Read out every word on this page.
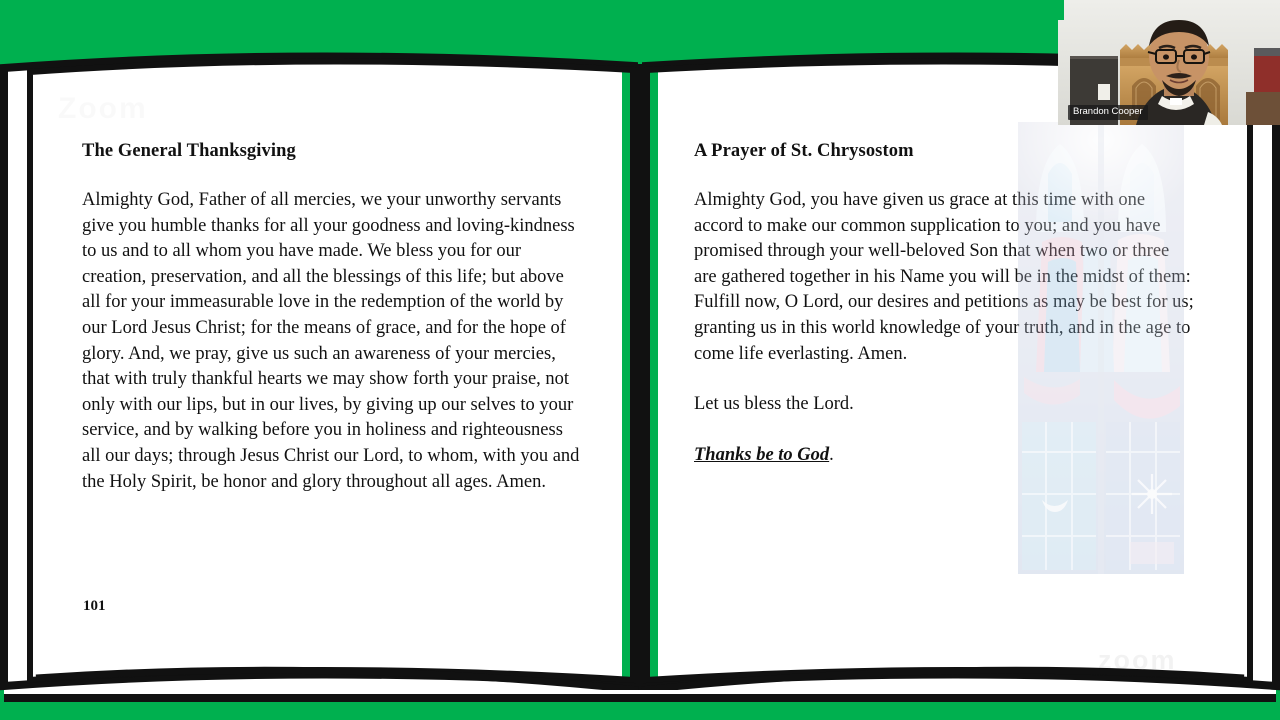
The General Thanksgiving

Almighty God, Father of all mercies, we your unworthy servants give you humble thanks for all your goodness and loving-kindness to us and to all whom you have made. We bless you for our creation, preservation, and all the blessings of this life; but above all for your immeasurable love in the redemption of the world by our Lord Jesus Christ; for the means of grace, and for the hope of glory. And, we pray, give us such an awareness of your mercies, that with truly thankful hearts we may show forth your praise, not only with our lips, but in our lives, by giving up our selves to your service, and by walking before you in holiness and righteousness all our days; through Jesus Christ our Lord, to whom, with you and the Holy Spirit, be honor and glory throughout all ages. Amen.

101
A Prayer of St. Chrysostom

Almighty God, you have given us grace at this time with one accord to make our common supplication to you; and you have promised through your well-beloved Son that when two or three are gathered together in his Name you will be in the midst of them: Fulfill now, O Lord, our desires and petitions as may be best for us; granting us in this world knowledge of your truth, and in the age to come life everlasting. Amen.

Let us bless the Lord.

Thanks be to God.

Brandon Cooper
